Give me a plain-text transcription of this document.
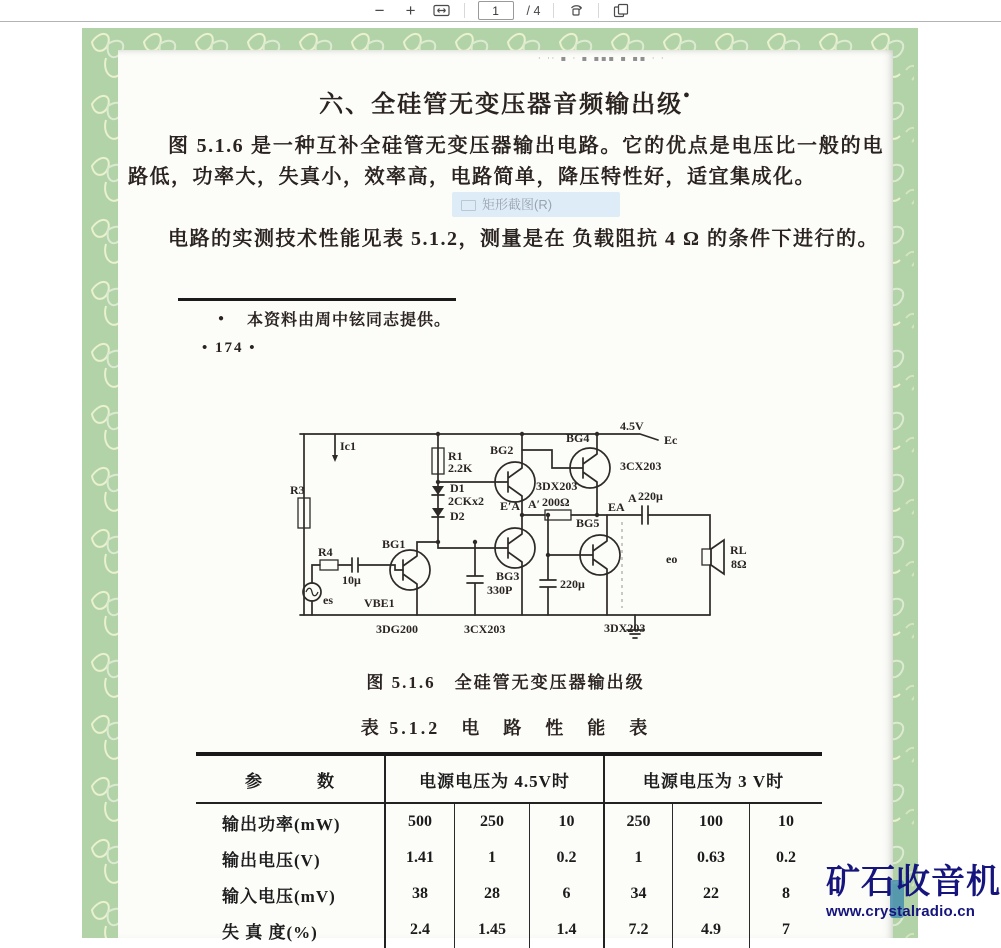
− +
1	/ 4
· ·· ▪ · ▪ ▪▪▪ ▪ ▪▪ · ·
六、全硅管无变压器音频输出级●

图 5.1.6 是一种互补全硅管无变压器输出电路。它的优点是电压比一般的电路低，功率大，失真小，效率高，电路简单，降压特性好，适宜集成化。

矩形截图(R)

电路的实测技术性能见表 5.1.2，测量是在 负载阻抗 4 Ω 的条件下进行的。

● 本资料由周中铉同志提供。
• 174 •
4.5V
Ec
Ic1
R1
2.2K
R3	D1
2CKx2
D2
BG2
3DX203
BG4
3CX203
E′A A′ 200Ω	EA
A 220μ
BG1
R4
10μ
es	VBE1
BG3
330P	220μ
BG5
eo
RL
8Ω
3DG200	3CX203	3DX203
图 5.1.6　全硅管无变压器输出级
表 5.1.2　电　路　性　能　表
参　　　数	电源电压为 4.5V时	电源电压为 3 V时
输出功率(mW)	500	250	10	250	100	10
输出电压(V)	1.41	1	0.2	1	0.63	0.2
输入电压(mV)	38	28	6	34	22	8
失 真 度(%)	2.4	1.45	1.4	7.2	4.9	7
矿石收音机
www.crystalradio.cn
